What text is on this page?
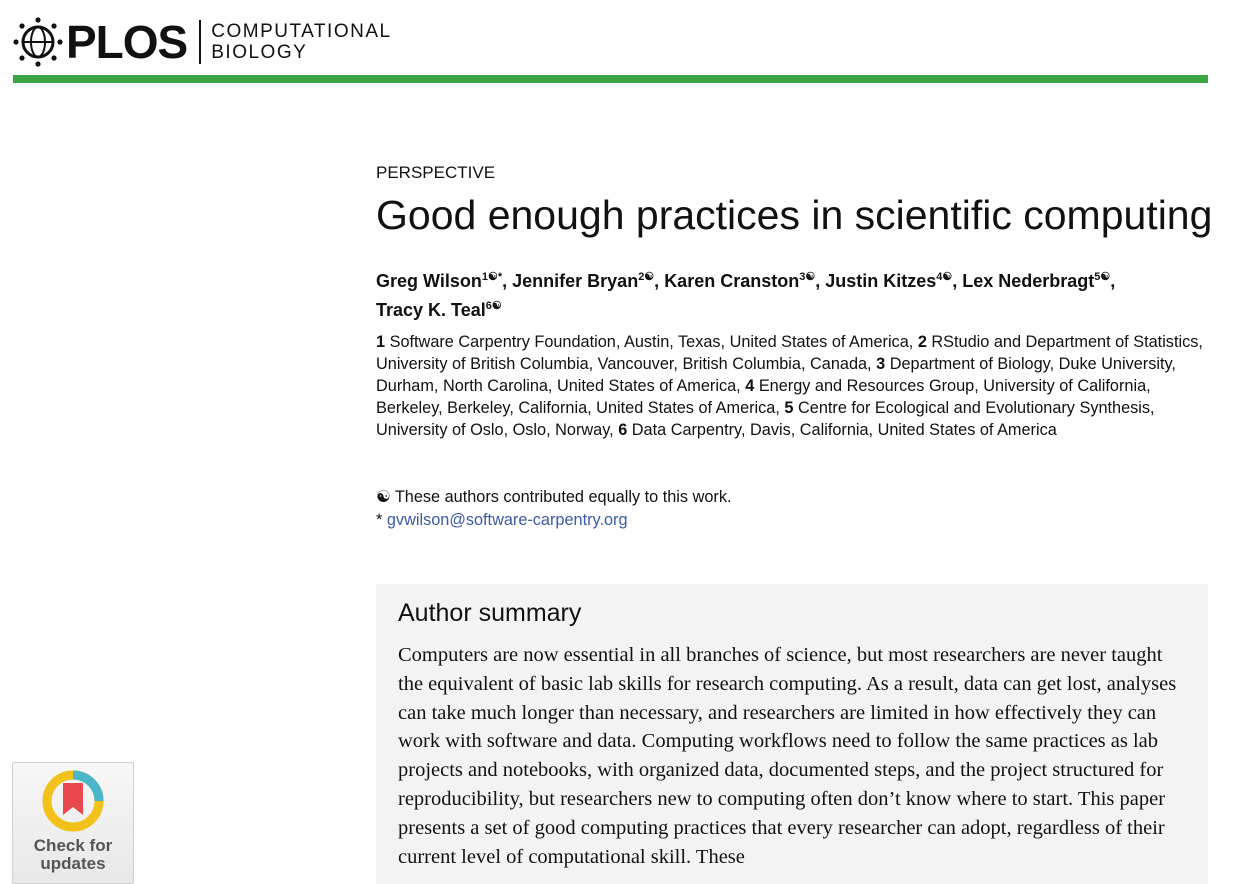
PLOS COMPUTATIONAL
BIOLOGY
PERSPECTIVE
Good enough practices in scientific computing
Greg Wilson$^{1☯*}$, Jennifer Bryan$^{2☯}$, Karen Cranston$^{3☯}$, Justin Kitzes$^{4☯}$, Lex Nederbragt$^{5☯}$,
Tracy K. Teal$^{6☯}$
1 Software Carpentry Foundation, Austin, Texas, United States of America, 2 RStudio and Department of Statistics, University of British Columbia, Vancouver, British Columbia, Canada, 3 Department of Biology, Duke University, Durham, North Carolina, United States of America, 4 Energy and Resources Group, University of California, Berkeley, Berkeley, California, United States of America, 5 Centre for Ecological and Evolutionary Synthesis, University of Oslo, Oslo, Norway, 6 Data Carpentry, Davis, California, United States of America
☯ These authors contributed equally to this work.
* gvwilson@software-carpentry.org
Author summary
Computers are now essential in all branches of science, but most researchers are never taught the equivalent of basic lab skills for research computing. As a result, data can get lost, analyses can take much longer than necessary, and researchers are limited in how effectively they can work with software and data. Computing workflows need to follow the same practices as lab projects and notebooks, with organized data, documented steps, and the project structured for reproducibility, but researchers new to computing often don’t know where to start. This paper presents a set of good computing practices that every researcher can adopt, regardless of their current level of computational skill. These
Check for
updates
